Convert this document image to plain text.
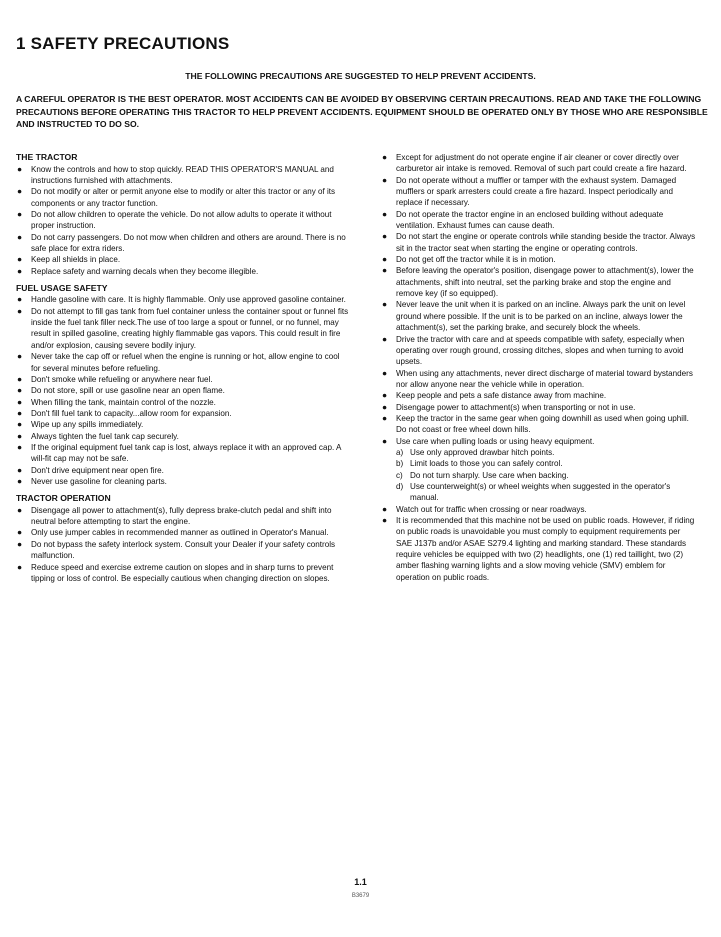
1 SAFETY PRECAUTIONS
THE FOLLOWING PRECAUTIONS ARE SUGGESTED TO HELP PREVENT ACCIDENTS.
A CAREFUL OPERATOR IS THE BEST OPERATOR. MOST ACCIDENTS CAN BE AVOIDED BY OBSERVING CERTAIN PRECAUTIONS. READ AND TAKE THE FOLLOWING PRECAUTIONS BEFORE OPERATING THIS TRACTOR TO HELP PREVENT ACCIDENTS. EQUIPMENT SHOULD BE OPERATED ONLY BY THOSE WHO ARE RESPONSIBLE AND INSTRUCTED TO DO SO.
THE TRACTOR
● Know the controls and how to stop quickly. READ THIS OPERATOR'S MANUAL and instructions furnished with attachments.
● Do not modify or alter or permit anyone else to modify or alter this tractor or any of its components or any tractor function.
● Do not allow children to operate the vehicle. Do not allow adults to operate it without proper instruction.
● Do not carry passengers. Do not mow when children and others are around. There is no safe place for extra riders.
● Keep all shields in place.
● Replace safety and warning decals when they become illegible.
FUEL USAGE SAFETY
● Handle gasoline with care. It is highly flammable. Only use approved gasoline container.
● Do not attempt to fill gas tank from fuel container unless the container spout or funnel fits inside the fuel tank filler neck.The use of too large a spout or funnel, or no funnel, may result in spilled gasoline, creating highly flammable gas vapors. This could result in fire and/or explosion, causing severe bodily injury.
● Never take the cap off or refuel when the engine is running or hot, allow engine to cool for several minutes before refueling.
● Don't smoke while refueling or anywhere near fuel.
● Do not store, spill or use gasoline near an open flame.
● When filling the tank, maintain control of the nozzle.
● Don't fill fuel tank to capacity...allow room for expansion.
● Wipe up any spills immediately.
● Always tighten the fuel tank cap securely.
● If the original equipment fuel tank cap is lost, always replace it with an approved cap. A will-fit cap may not be safe.
● Don't drive equipment near open fire.
● Never use gasoline for cleaning parts.
TRACTOR OPERATION
● Disengage all power to attachment(s), fully depress brake-clutch pedal and shift into neutral before attempting to start the engine.
● Only use jumper cables in recommended manner as outlined in Operator's Manual.
● Do not bypass the safety interlock system. Consult your Dealer if your safety controls malfunction.
● Reduce speed and exercise extreme caution on slopes and in sharp turns to prevent tipping or loss of control. Be especially cautious when changing direction on slopes.
● Except for adjustment do not operate engine if air cleaner or cover directly over carburetor air intake is removed. Removal of such part could create a fire hazard.
● Do not operate without a muffler or tamper with the exhaust system. Damaged mufflers or spark arresters could create a fire hazard. Inspect periodically and replace if necessary.
● Do not operate the tractor engine in an enclosed building without adequate ventilation. Exhaust fumes can cause death.
● Do not start the engine or operate controls while standing beside the tractor. Always sit in the tractor seat when starting the engine or operating controls.
● Do not get off the tractor while it is in motion.
● Before leaving the operator's position, disengage power to attachment(s), lower the attachments, shift into neutral, set the parking brake and stop the engine and remove key (if so equipped).
● Never leave the unit when it is parked on an incline. Always park the unit on level ground where possible. If the unit is to be parked on an incline, always lower the attachment(s), set the parking brake, and securely block the wheels.
● Drive the tractor with care and at speeds compatible with safety, especially when operating over rough ground, crossing ditches, slopes and when turning to avoid upsets.
● When using any attachments, never direct discharge of material toward bystanders nor allow anyone near the vehicle while in operation.
● Keep people and pets a safe distance away from machine.
● Disengage power to attachment(s) when transporting or not in use.
● Keep the tractor in the same gear when going downhill as used when going uphill. Do not coast or free wheel down hills.
● Use care when pulling loads or using heavy equipment.
a) Use only approved drawbar hitch points.
b) Limit loads to those you can safely control.
c) Do not turn sharply. Use care when backing.
d) Use counterweight(s) or wheel weights when suggested in the operator's manual.
● Watch out for traffic when crossing or near roadways.
● It is recommended that this machine not be used on public roads. However, if riding on public roads is unavoidable you must comply to equipment requirements per SAE J137b and/or ASAE S279.4 lighting and marking standard. These standards require vehicles be equipped with two (2) headlights, one (1) red taillight, two (2) amber flashing warning lights and a slow moving vehicle (SMV) emblem for operation on public roads.
1.1
B3679
